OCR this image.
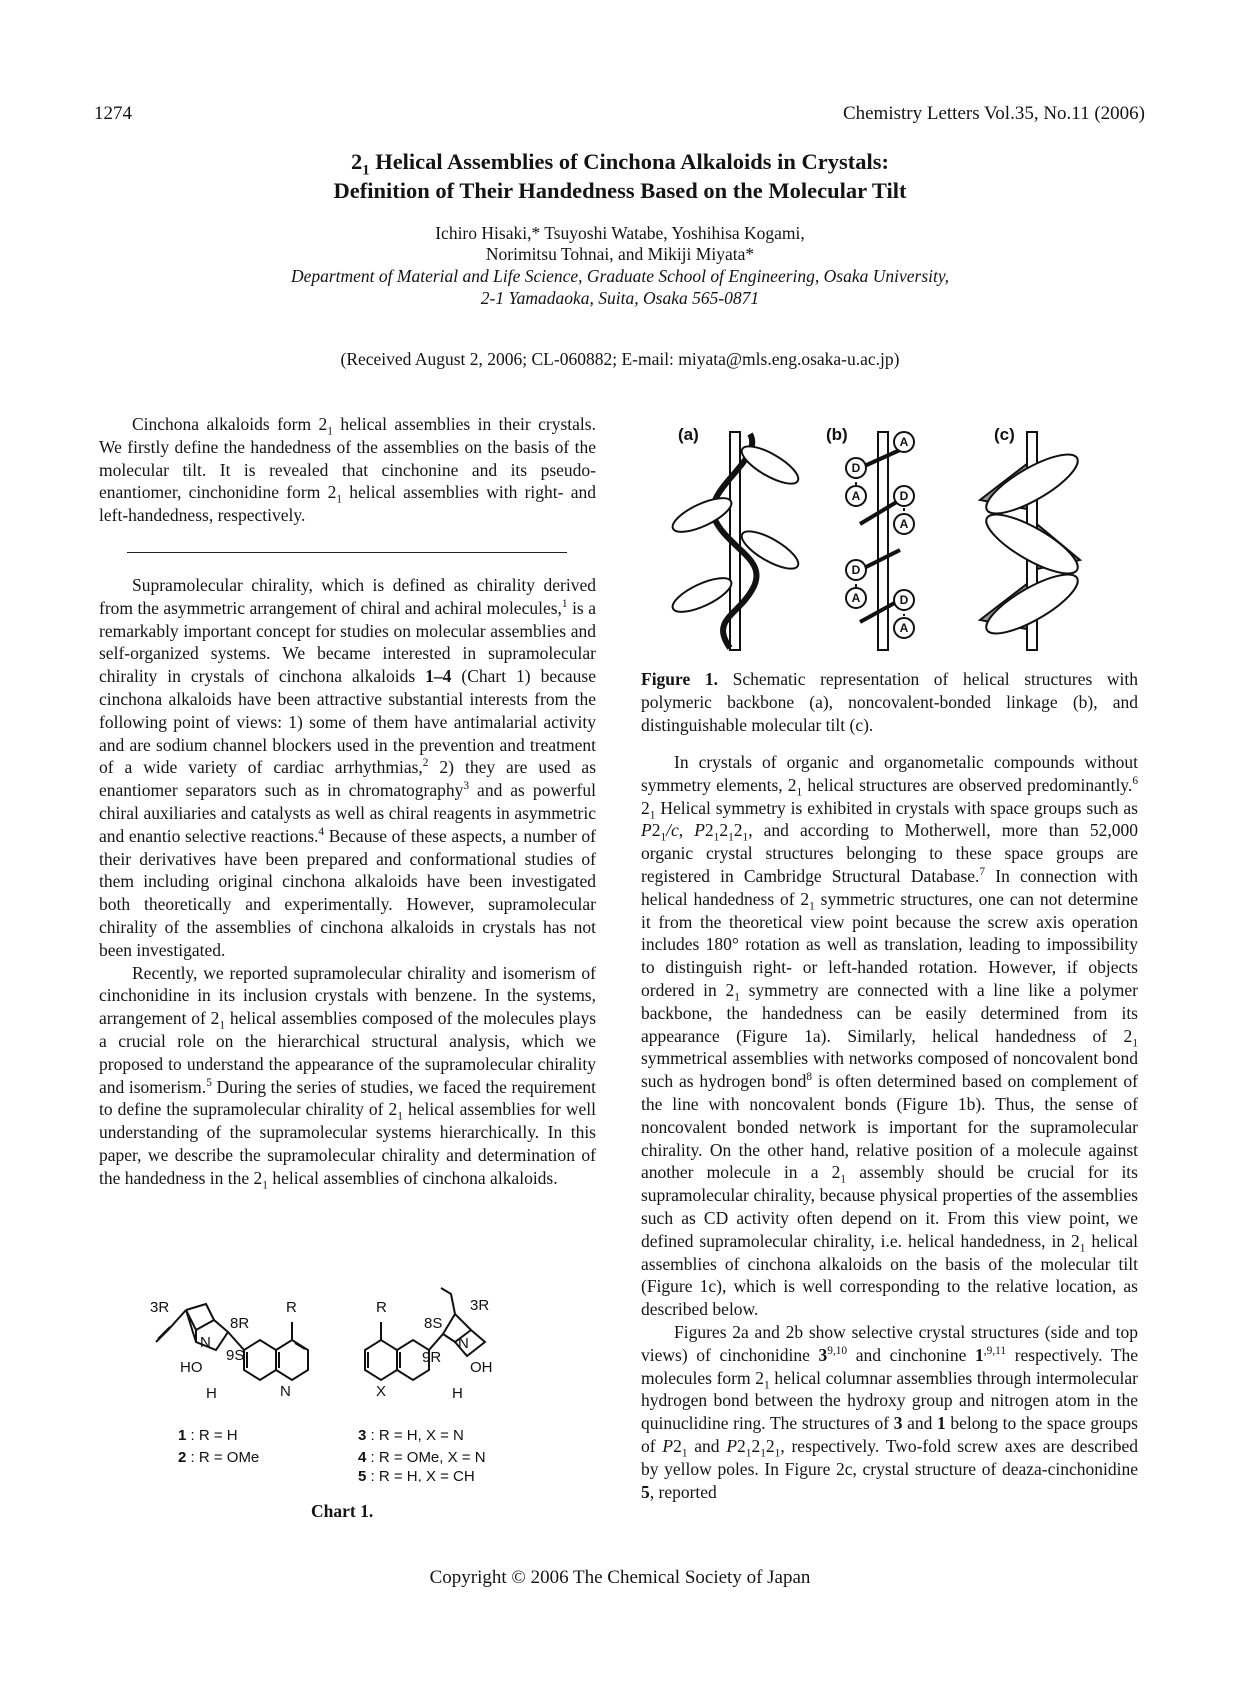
1274	Chemistry Letters Vol.35, No.11 (2006)
$2_1$ Helical Assemblies of Cinchona Alkaloids in Crystals:
Definition of Their Handedness Based on the Molecular Tilt
Ichiro Hisaki,* Tsuyoshi Watabe, Yoshihisa Kogami,
Norimitsu Tohnai, and Mikiji Miyata*
Department of Material and Life Science, Graduate School of Engineering, Osaka University,
2-1 Yamadaoka, Suita, Osaka 565-0871
(Received August 2, 2006; CL-060882; E-mail: miyata@mls.eng.osaka-u.ac.jp)

Cinchona alkaloids form $2_1$ helical assemblies in their crystals. We firstly define the handedness of the assemblies on the basis of the molecular tilt. It is revealed that cinchonine and its pseudo-enantiomer, cinchonidine form $2_1$ helical assemblies with right- and left-handedness, respectively.

Supramolecular chirality, which is defined as chirality derived from the asymmetric arrangement of chiral and achiral molecules,$^1$ is a remarkably important concept for studies on molecular assemblies and self-organized systems. We became interested in supramolecular chirality in crystals of cinchona alkaloids 1–4 (Chart 1) because cinchona alkaloids have been attractive substantial interests from the following point of views: 1) some of them have antimalarial activity and are sodium channel blockers used in the prevention and treatment of a wide variety of cardiac arrhythmias,$^2$ 2) they are used as enantiomer separators such as in chromatography$^3$ and as powerful chiral auxiliaries and catalysts as well as chiral reagents in asymmetric and enantio selective reactions.$^4$ Because of these aspects, a number of their derivatives have been prepared and conformational studies of them including original cinchona alkaloids have been investigated both theoretically and experimentally. However, supramolecular chirality of the assemblies of cinchona alkaloids in crystals has not been investigated.

Recently, we reported supramolecular chirality and isomerism of cinchonidine in its inclusion crystals with benzene. In the systems, arrangement of $2_1$ helical assemblies composed of the molecules plays a crucial role on the hierarchical structural analysis, which we proposed to understand the appearance of the supramolecular chirality and isomerism.$^5$ During the series of studies, we faced the requirement to define the supramolecular chirality of $2_1$ helical assemblies for well understanding of the supramolecular systems hierarchically. In this paper, we describe the supramolecular chirality and determination of the handedness in the $2_1$ helical assemblies of cinchona alkaloids.

3R
8R
9S
R
HO
H
N
N
1 : R = H
2 : R = OMe
3R
8S
9R
R
OH
H
N
X
3 : R = H, X = N
4 : R = OMe, X = N
5 : R = H, X = CH
Chart 1.
(a)	(b)	(c)
A
D
A	D
A
D
A	D
A
Figure 1. Schematic representation of helical structures with polymeric backbone (a), noncovalent-bonded linkage (b), and distinguishable molecular tilt (c).

In crystals of organic and organometalic compounds without symmetry elements, $2_1$ helical structures are observed predominantly.$^6$ $2_1$ Helical symmetry is exhibited in crystals with space groups such as $P2_1/c$, $P2_12_12_1$, and according to Motherwell, more than 52,000 organic crystal structures belonging to these space groups are registered in Cambridge Structural Database.$^7$ In connection with helical handedness of $2_1$ symmetric structures, one can not determine it from the theoretical view point because the screw axis operation includes 180° rotation as well as translation, leading to impossibility to distinguish right- or left-handed rotation. However, if objects ordered in $2_1$ symmetry are connected with a line like a polymer backbone, the handedness can be easily determined from its appearance (Figure 1a). Similarly, helical handedness of $2_1$ symmetrical assemblies with networks composed of noncovalent bond such as hydrogen bond$^8$ is often determined based on complement of the line with noncovalent bonds (Figure 1b). Thus, the sense of noncovalent bonded network is important for the supramolecular chirality. On the other hand, relative position of a molecule against another molecule in a $2_1$ assembly should be crucial for its supramolecular chirality, because physical properties of the assemblies such as CD activity often depend on it. From this view point, we defined supramolecular chirality, i.e. helical handedness, in $2_1$ helical assemblies of cinchona alkaloids on the basis of the molecular tilt (Figure 1c), which is well corresponding to the relative location, as described below.

Figures 2a and 2b show selective crystal structures (side and top views) of cinchonidine 3$^{9,10}$ and cinchonine $1^{,9,11}$ respectively. The molecules form $2_1$ helical columnar assemblies through intermolecular hydrogen bond between the hydroxy group and nitrogen atom in the quinuclidine ring. The structures of 3 and 1 belong to the space groups of $P2_1$ and $P2_12_12_1$, respectively. Two-fold screw axes are described by yellow poles. In Figure 2c, crystal structure of deaza-cinchonidine 5, reported

Copyright © 2006 The Chemical Society of Japan
